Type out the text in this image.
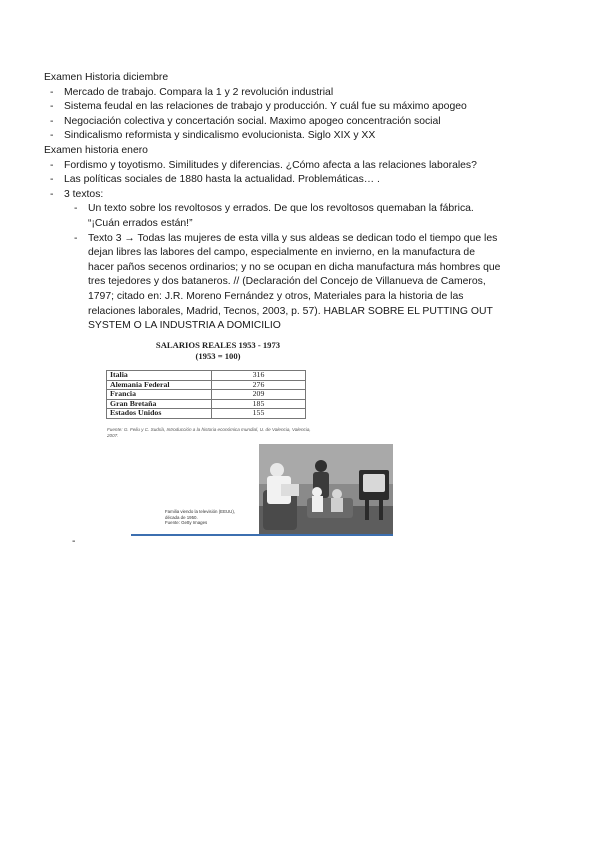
Examen Historia diciembre
- Mercado de trabajo. Compara la 1 y 2 revolución industrial
- Sistema feudal en las relaciones de trabajo y producción. Y cuál fue su máximo apogeo
- Negociación colectiva y concertación social. Maximo apogeo concentración social
- Sindicalismo reformista y sindicalismo evolucionista. Siglo XIX y XX
Examen historia enero
- Fordismo y toyotismo. Similitudes y diferencias. ¿Cómo afecta a las relaciones laborales?
- Las políticas sociales de 1880 hasta la actualidad. Problemáticas… .
- 3 textos:
- Un texto sobre los revoltosos y errados. De que los revoltosos quemaban la fábrica.
“¡Cuán errados están!”
- Texto 3 → Todas las mujeres de esta villa y sus aldeas se dedican todo el tiempo que les
dejan libres las labores del campo, especialmente en invierno, en la manufactura de
hacer paños secenos ordinarios; y no se ocupan en dicha manufactura más hombres que
tres tejedores y dos bataneros. // (Declaración del Concejo de Villanueva de Cameros,
1797; citado en: J.R. Moreno Fernández y otros, Materiales para la historia de las
relaciones laborales, Madrid, Tecnos, 2003, p. 57). HABLAR SOBRE EL PUTTING OUT
SYSTEM O LA INDUSTRIA A DOMICILIO
SALARIOS REALES 1953 - 1973
(1953 = 100)
Italia	316
Alemania Federal	276
Francia	209
Gran Bretaña	185
Estados Unidos	155
Fuente: G. Feliu y C. Sudrià, Introducción a la historia económica mundial, U. de Valencia, Valencia, 2007.
Familia viendo la televisión (EEUU),
década de 1950.
Fuente: Getty Images
-
